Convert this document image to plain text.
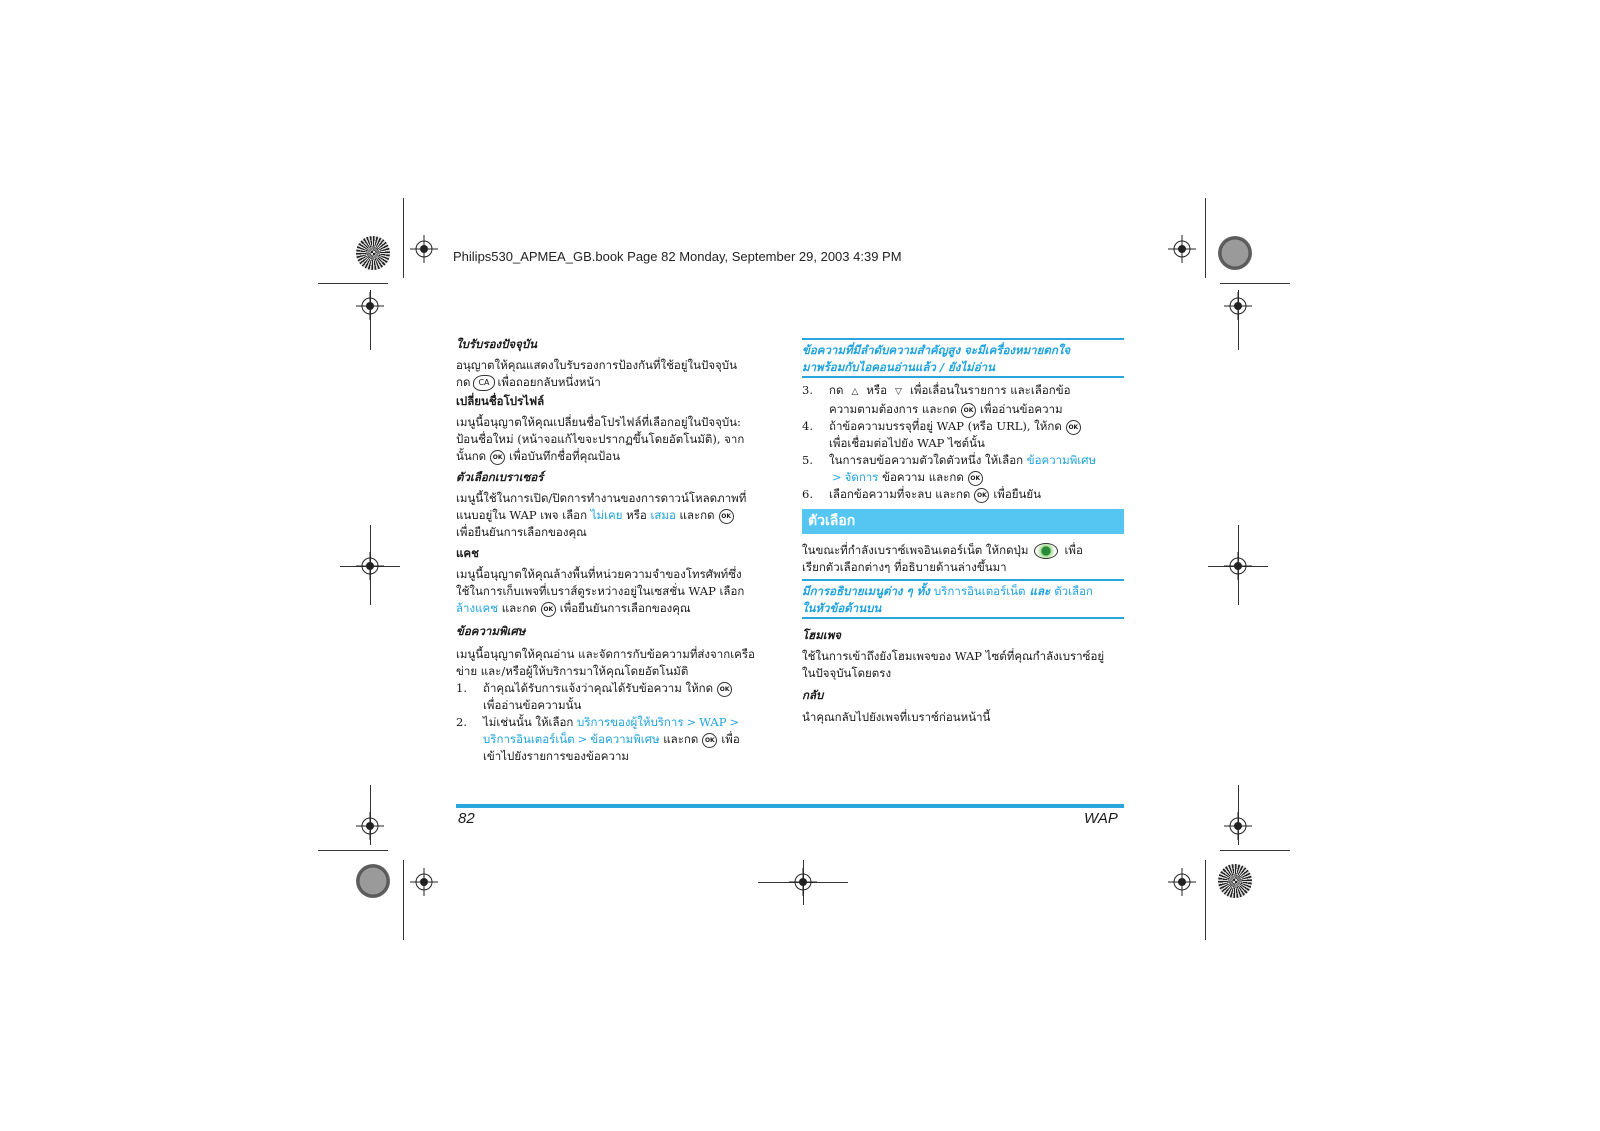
Philips530_APMEA_GB.book Page 82 Monday, September 29, 2003 4:39 PM

ใบรับรองปัจจุบัน

อนุญาตให้คุณแสดงใบรับรองการป้องกันที่ใช้อยู่ในปัจจุบัน

กด CA เพื่อถอยกลับหนึ่งหน้า

เปลี่ยนชื่อโปรไฟล์

เมนูนี้อนุญาตให้คุณเปลี่ยนชื่อโปรไฟล์ที่เลือกอยู่ในปัจจุบัน:

ป้อนชื่อใหม่ (หน้าจอแก้ไขจะปรากฏขึ้นโดยอัตโนมัติ), จาก

นั้นกด OK เพื่อบันทึกชื่อที่คุณป้อน

ตัวเลือกเบราเซอร์

เมนูนี้ใช้ในการเปิด/ปิดการทำงานของการดาวน์โหลดภาพที่

แนบอยู่ใน WAP เพจ เลือก ไม่เคย หรือ เสมอ และกด OK

เพื่อยืนยันการเลือกของคุณ

แคช

เมนูนี้อนุญาตให้คุณล้างพื้นที่หน่วยความจำของโทรศัพท์ซึ่ง

ใช้ในการเก็บเพจที่เบราส์ดูระหว่างอยู่ในเซสชั่น WAP เลือก

ล้างแคช และกด OK เพื่อยืนยันการเลือกของคุณ

ข้อความพิเศษ

เมนูนี้อนุญาตให้คุณอ่าน และจัดการกับข้อความที่ส่งจากเครือ

ข่าย และ/หรือผู้ให้บริการมาให้คุณโดยอัตโนมัติ

1.	ถ้าคุณได้รับการแจ้งว่าคุณได้รับข้อความ ให้กด OK
เพื่ออ่านข้อความนั้น
2.	ไม่เช่นนั้น ให้เลือก บริการของผู้ให้บริการ > WAP >
บริการอินเตอร์เน็ต > ข้อความพิเศษ และกด OK เพื่อ
เข้าไปยังรายการของข้อความ

ข้อความที่มีลำดับความสำคัญสูง จะมีเครื่องหมายตกใจ

มาพร้อมกับไอคอนอ่านแล้ว / ยังไม่อ่าน

3.	กด △ หรือ ▽ เพื่อเลื่อนในรายการ และเลือกข้อ
ความตามต้องการ และกด OK เพื่ออ่านข้อความ
4.	ถ้าข้อความบรรจุที่อยู่ WAP (หรือ URL), ให้กด OK
เพื่อเชื่อมต่อไปยัง WAP ไซต์นั้น
5.	ในการลบข้อความตัวใดตัวหนึ่ง ให้เลือก ข้อความพิเศษ
> จัดการ ข้อความ และกด OK
6.	เลือกข้อความที่จะลบ และกด OK เพื่อยืนยัน
ตัวเลือก

ในขณะที่กำลังเบราซ์เพจอินเตอร์เน็ต ให้กดปุ่ม	เพื่อ

เรียกตัวเลือกต่างๆ ที่อธิบายด้านล่างขึ้นมา

มีการอธิบายเมนูต่าง ๆ ทั้ง บริการอินเตอร์เน็ต และ ตัวเลือก

ในหัวข้อด้านบน

โฮมเพจ

ใช้ในการเข้าถึงยังโฮมเพจของ WAP ไซต์ที่คุณกำลังเบราซ์อยู่

ในปัจจุบันโดยตรง

กลับ

นำคุณกลับไปยังเพจที่เบราซ์ก่อนหน้านี้

82	WAP
